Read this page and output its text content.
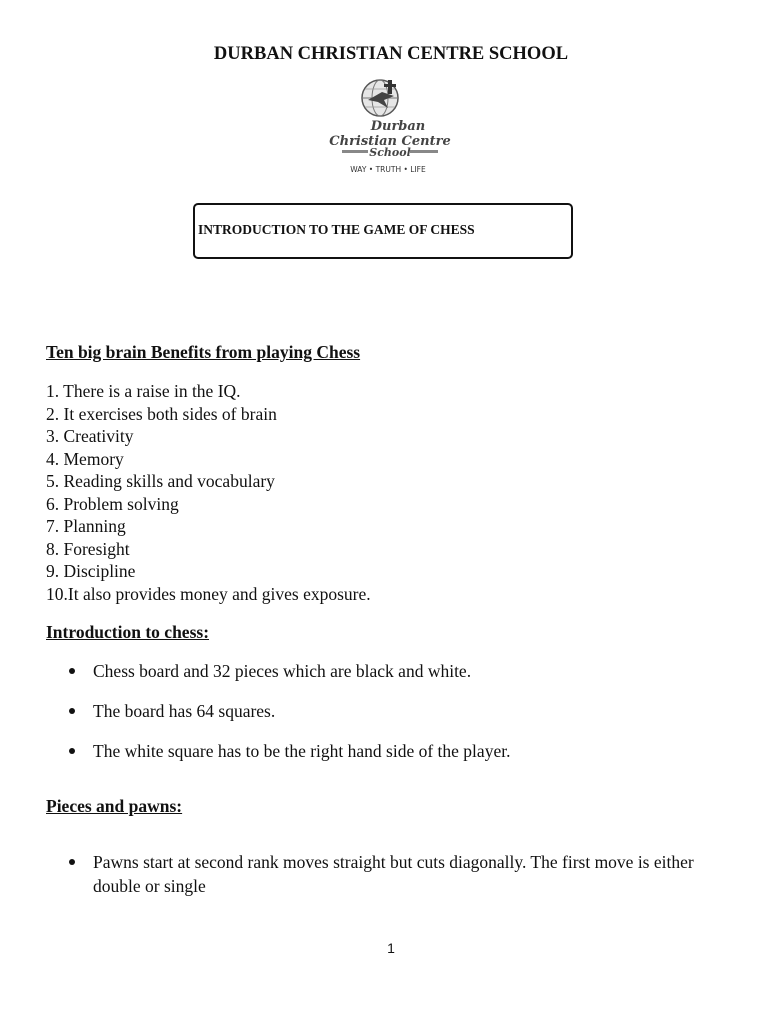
DURBAN CHRISTIAN CENTRE SCHOOL
Durban
Christian Centre
School
WAY • TRUTH • LIFE
INTRODUCTION TO THE GAME OF CHESS
Ten big brain Benefits from playing Chess
1. There is a raise in the IQ.
2. It exercises both sides of brain
3. Creativity
4. Memory
5. Reading skills and vocabulary
6. Problem solving
7. Planning
8. Foresight
9. Discipline
10.It also provides money and gives exposure.
Introduction to chess:
Chess board and 32 pieces which are black and white.
The board has 64 squares.
The white square has to be the right hand side of the player.
Pieces and pawns:
Pawns start at second rank moves straight but cuts diagonally. The first move is either double or single
1
